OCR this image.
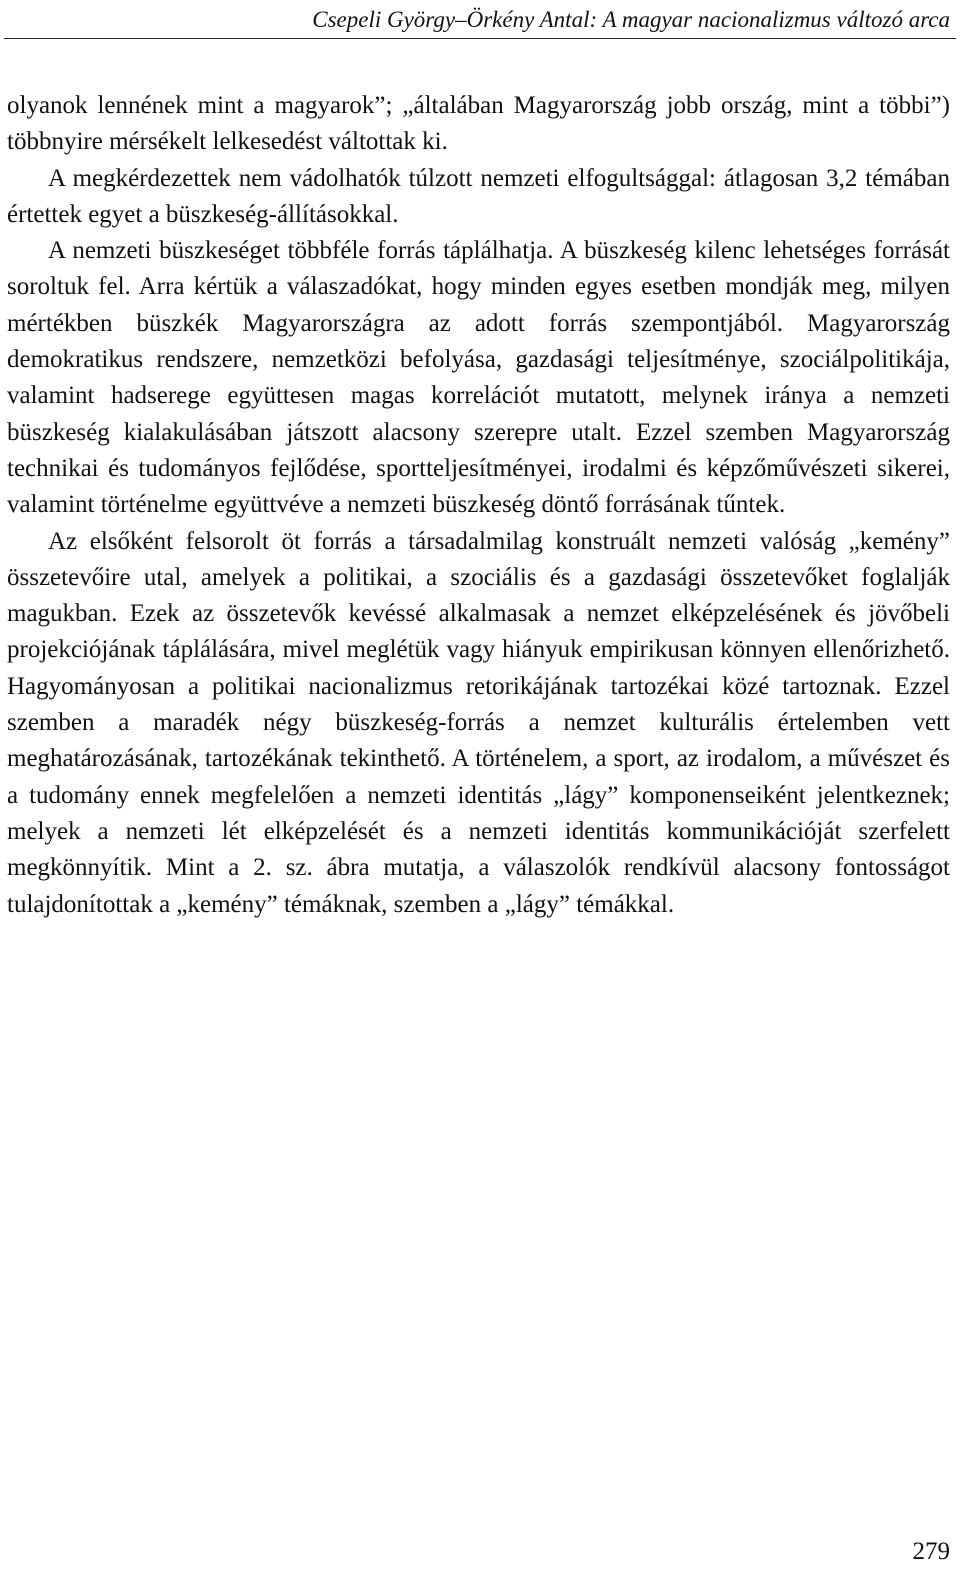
Csepeli György–Örkény Antal: A magyar nacionalizmus változó arca

olyanok lennének mint a magyarok”; „általában Magyarország jobb ország, mint a többi”) többnyire mérsékelt lelkesedést váltottak ki.

A megkérdezettek nem vádolhatók túlzott nemzeti elfogultsággal: átlagosan 3,2 témában értettek egyet a büszkeség-állításokkal.

A nemzeti büszkeséget többféle forrás táplálhatja. A büszkeség kilenc lehetséges forrását soroltuk fel. Arra kértük a válaszadókat, hogy minden egyes esetben mondják meg, milyen mértékben büszkék Magyarországra az adott forrás szempontjából. Magyarország demokratikus rendszere, nemzetközi befolyása, gazdasági teljesítménye, szociálpolitikája, valamint hadserege együttesen magas korrelációt mutatott, melynek iránya a nemzeti büszkeség kialakulásában játszott alacsony szerepre utalt. Ezzel szemben Magyarország technikai és tudományos fejlődése, sportteljesítményei, irodalmi és képzőművészeti sikerei, valamint történelme együttvéve a nemzeti büszkeség döntő forrásának tűntek.

Az elsőként felsorolt öt forrás a társadalmilag konstruált nemzeti valóság „kemény” összetevőire utal, amelyek a politikai, a szociális és a gazdasági összetevőket foglalják magukban. Ezek az összetevők kevéssé alkalmasak a nemzet elképzelésének és jövőbeli projekciójának táplálására, mivel meglétük vagy hiányuk empirikusan könnyen ellenőrizhető. Hagyományosan a politikai nacionalizmus retorikájának tartozékai közé tartoznak. Ezzel szemben a maradék négy büszkeség-forrás a nemzet kulturális értelemben vett meghatározásának, tartozékának tekinthető. A történelem, a sport, az irodalom, a művészet és a tudomány ennek megfelelően a nemzeti identitás „lágy” komponenseiként jelentkeznek; melyek a nemzeti lét elképzelését és a nemzeti identitás kommunikációját szerfelett megkönnyítik. Mint a 2. sz. ábra mutatja, a válaszolók rendkívül alacsony fontosságot tulajdonítottak a „kemény” témáknak, szemben a „lágy” témákkal.

279
